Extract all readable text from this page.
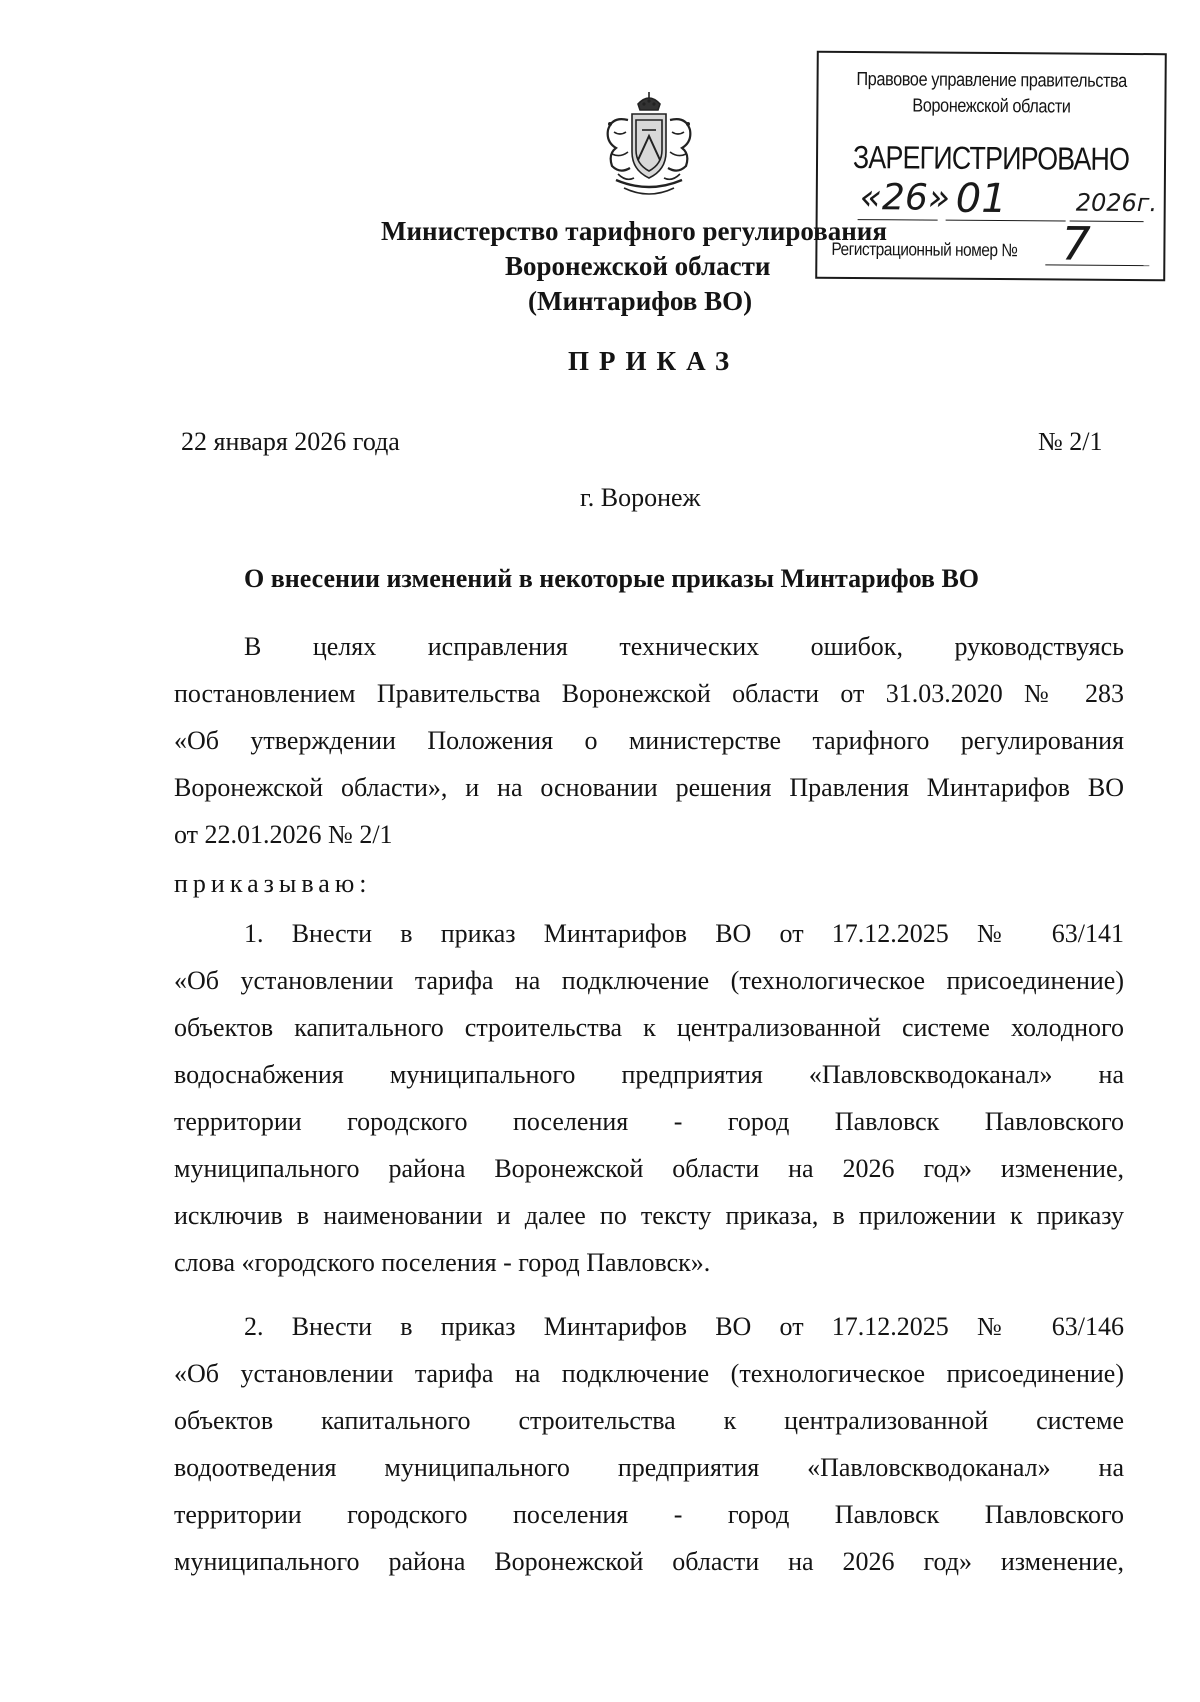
Правовое управление правительства
Воронежской области
ЗАРЕГИСТРИРОВАНО
«26» 01	2026г.
Регистрационный номер № 7
Министерство тарифного регулирования
Воронежской области
(Минтарифов ВО)
ПРИКАЗ
22 января 2026 года	№ 2/1
г. Воронеж
О внесении изменений в некоторые приказы Минтарифов ВО
В целях исправления технических ошибок, руководствуясь
постановлением Правительства Воронежской области от 31.03.2020 № 283
«Об утверждении Положения о министерстве тарифного регулирования
Воронежской области», и на основании решения Правления Минтарифов ВО
от 22.01.2026 № 2/1
приказываю:
1. Внести в приказ Минтарифов ВО от 17.12.2025 № 63/141
«Об установлении тарифа на подключение (технологическое присоединение)
объектов капитального строительства к централизованной системе холодного
водоснабжения муниципального предприятия «Павловскводоканал» на
территории городского поселения - город Павловск Павловского
муниципального района Воронежской области на 2026 год» изменение,
исключив в наименовании и далее по тексту приказа, в приложении к приказу
слова «городского поселения - город Павловск».
2. Внести в приказ Минтарифов ВО от 17.12.2025 № 63/146
«Об установлении тарифа на подключение (технологическое присоединение)
объектов капитального строительства к централизованной системе
водоотведения муниципального предприятия «Павловскводоканал» на
территории городского поселения - город Павловск Павловского
муниципального района Воронежской области на 2026 год» изменение,
